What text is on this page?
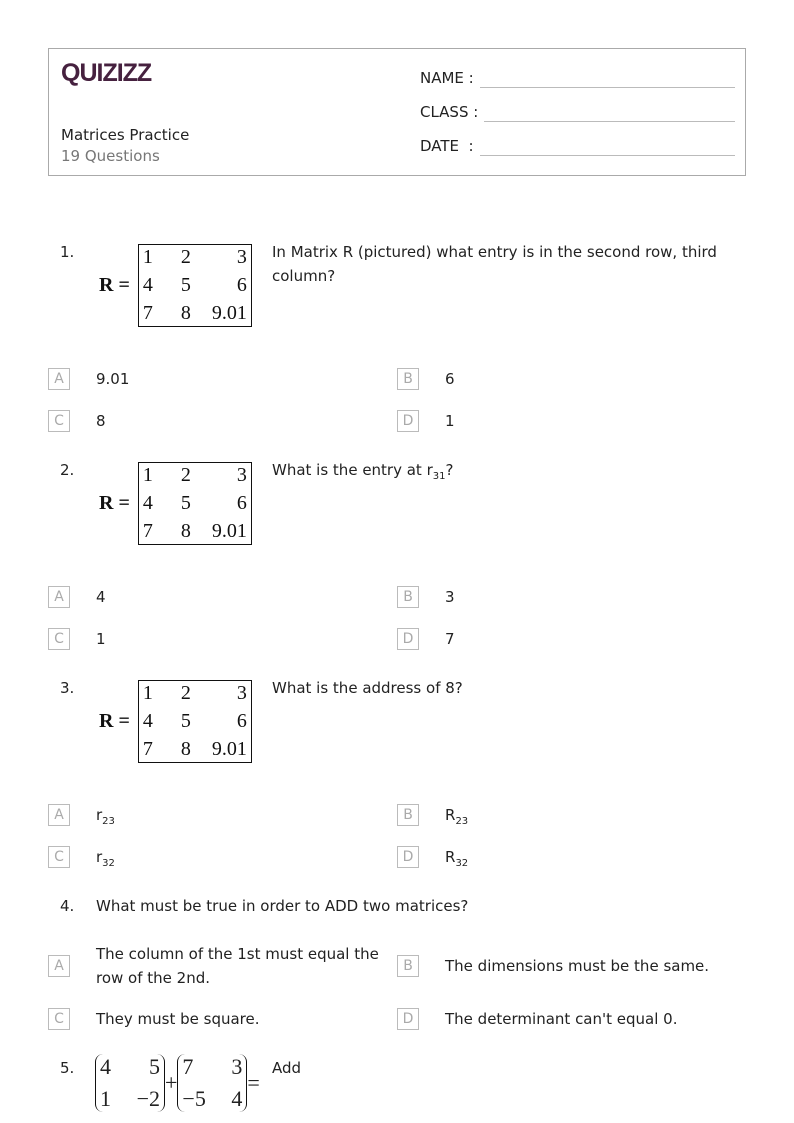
QUIZIZZ
Matrices Practice
19 Questions
NAME :
CLASS :
DATE  :
1.
R =
1	2	3
4	5	6
7	8	9.01
In Matrix R (pictured) what entry is in the second row, third column?
A	9.01	B	6
C	8	D	1
2.
R =
1	2	3
4	5	6
7	8	9.01
What is the entry at $r_{31}$?
A	4	B	3
C	1	D	7
3.
R =
1	2	3
4	5	6
7	8	9.01
What is the address of 8?
A	$r_{23}$	B	$R_{23}$
C	$r_{32}$	D	$R_{32}$
4. What must be true in order to ADD two matrices?
A
The column of the 1st must equal the row of the 2nd.
B	The dimensions must be the same.
C	They must be square.	D	The determinant can't equal 0.
5. 4	5
1	−2
+
7	3
−5	4
=
Add
